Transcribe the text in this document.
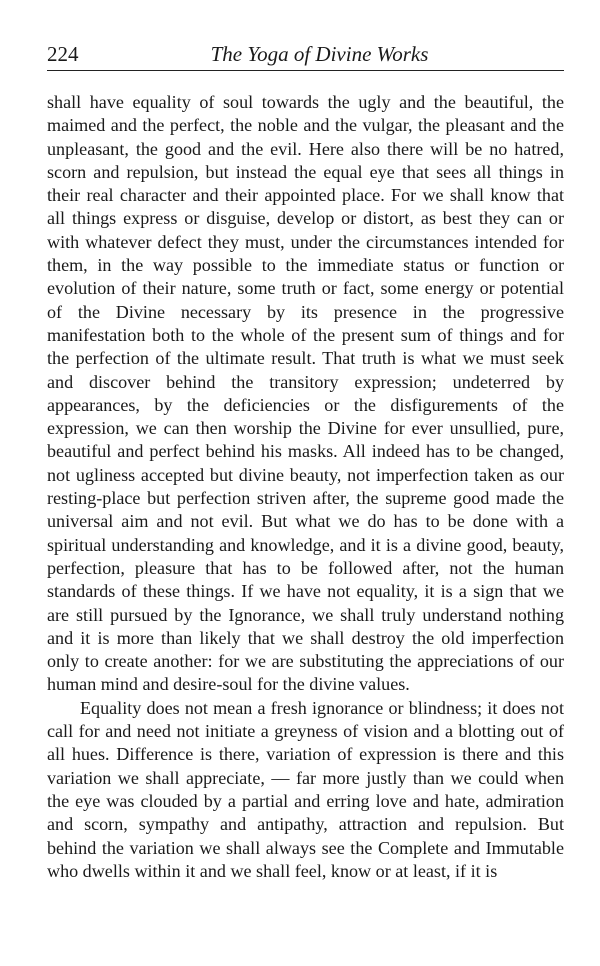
224	The Yoga of Divine Works

shall have equality of soul towards the ugly and the beautiful, the maimed and the perfect, the noble and the vulgar, the pleasant and the unpleasant, the good and the evil. Here also there will be no hatred, scorn and repulsion, but instead the equal eye that sees all things in their real character and their appointed place. For we shall know that all things express or disguise, develop or distort, as best they can or with whatever defect they must, under the circumstances intended for them, in the way possible to the immediate status or function or evolution of their nature, some truth or fact, some energy or potential of the Divine necessary by its presence in the progressive manifestation both to the whole of the present sum of things and for the perfection of the ultimate result. That truth is what we must seek and discover behind the transitory expression; undeterred by appearances, by the deficiencies or the disfigurements of the expression, we can then worship the Divine for ever unsullied, pure, beautiful and perfect behind his masks. All indeed has to be changed, not ugliness accepted but divine beauty, not imperfection taken as our resting-place but perfection striven after, the supreme good made the universal aim and not evil. But what we do has to be done with a spiritual understanding and knowledge, and it is a divine good, beauty, perfection, pleasure that has to be followed after, not the human standards of these things. If we have not equality, it is a sign that we are still pursued by the Ignorance, we shall truly understand nothing and it is more than likely that we shall destroy the old imperfection only to create another: for we are substituting the appreciations of our human mind and desire-soul for the divine values.

Equality does not mean a fresh ignorance or blindness; it does not call for and need not initiate a greyness of vision and a blotting out of all hues. Difference is there, variation of expression is there and this variation we shall appreciate, — far more justly than we could when the eye was clouded by a partial and erring love and hate, admiration and scorn, sympathy and antipathy, attraction and repulsion. But behind the variation we shall always see the Complete and Immutable who dwells within it and we shall feel, know or at least, if it is
